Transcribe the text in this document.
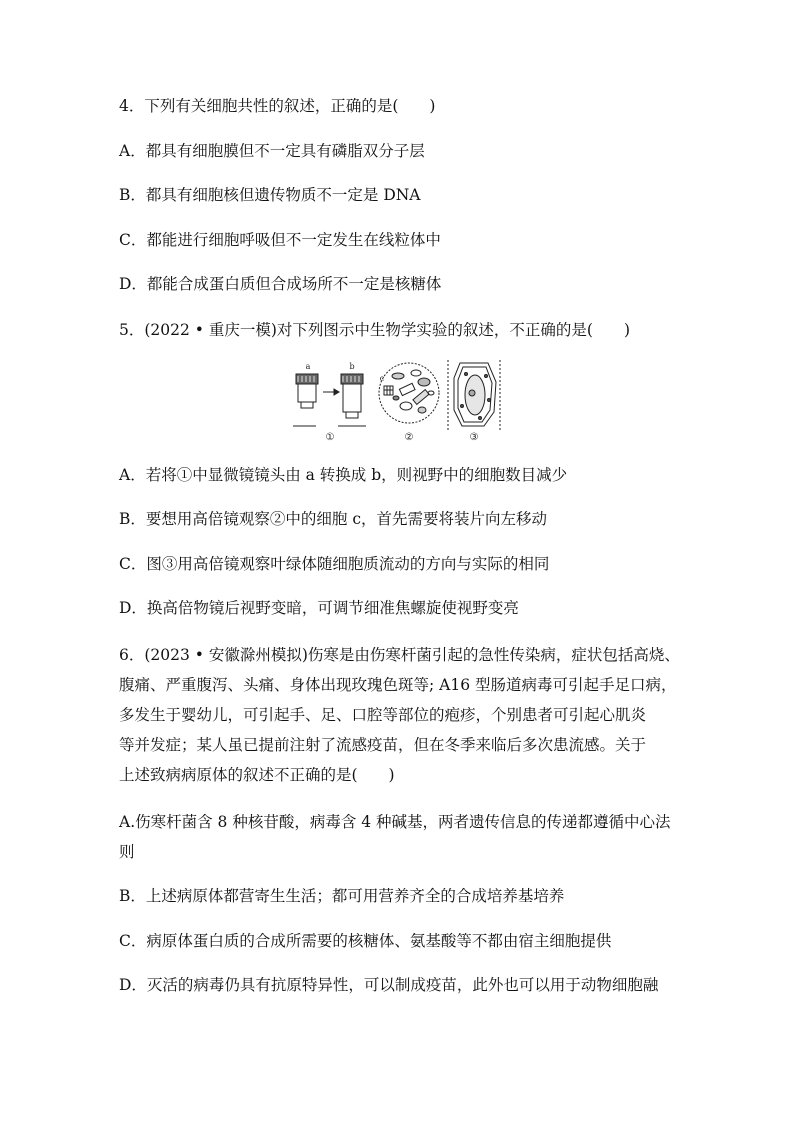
4．下列有关细胞共性的叙述，正确的是(　　)
A．都具有细胞膜但不一定具有磷脂双分子层
B．都具有细胞核但遗传物质不一定是 DNA
C．都能进行细胞呼吸但不一定发生在线粒体中
D．都能合成蛋白质但合成场所不一定是核糖体
5．(2022 • 重庆一模)对下列图示中生物学实验的叙述，不正确的是(　　)
a	b
①
c
②	③
A．若将①中显微镜镜头由 a 转换成 b，则视野中的细胞数目减少
B．要想用高倍镜观察②中的细胞 c，首先需要将装片向左移动
C．图③用高倍镜观察叶绿体随细胞质流动的方向与实际的相同
D．换高倍物镜后视野变暗，可调节细准焦螺旋使视野变亮
6．(2023 • 安徽滁州模拟)伤寒是由伤寒杆菌引起的急性传染病，症状包括高烧、
腹痛、严重腹泻、头痛、身体出现玫瑰色斑等; A16 型肠道病毒可引起手足口病，
多发生于婴幼儿，可引起手、足、口腔等部位的疱疹，个别患者可引起心肌炎
等并发症；某人虽已提前注射了流感疫苗，但在冬季来临后多次患流感。关于
上述致病病原体的叙述不正确的是(　　)
A.伤寒杆菌含 8 种核苷酸，病毒含 4 种碱基，两者遗传信息的传递都遵循中心法
则
B．上述病原体都营寄生生活；都可用营养齐全的合成培养基培养
C．病原体蛋白质的合成所需要的核糖体、氨基酸等不都由宿主细胞提供
D．灭活的病毒仍具有抗原特异性，可以制成疫苗，此外也可以用于动物细胞融
